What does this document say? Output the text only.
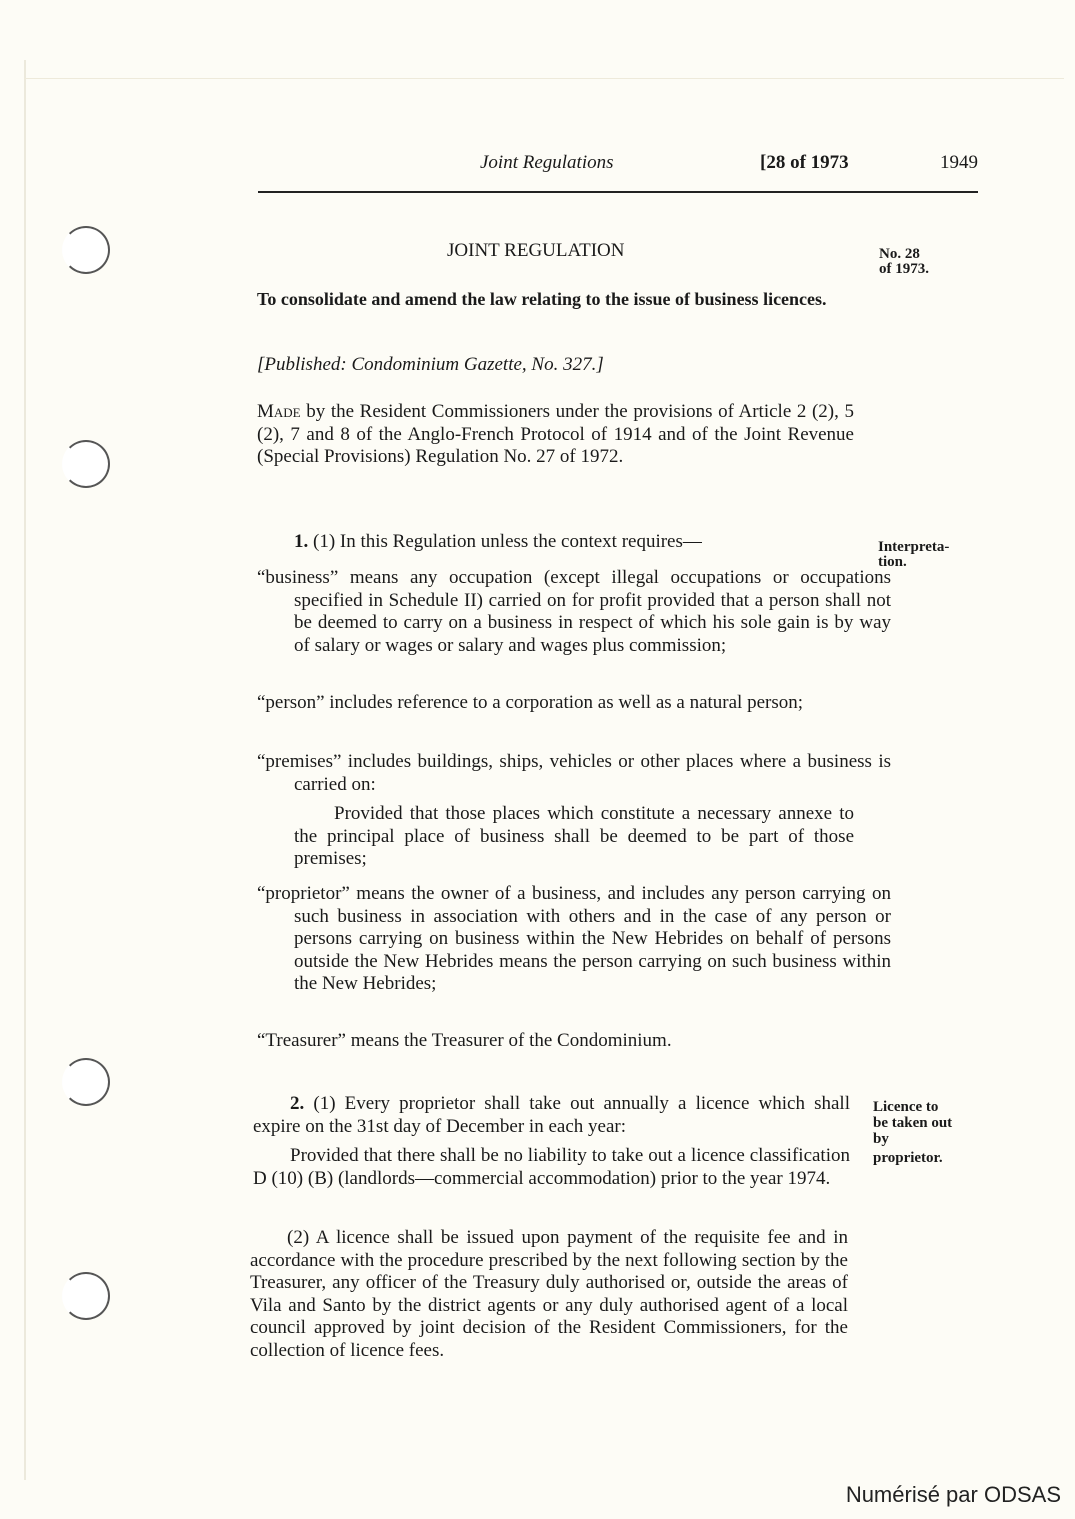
Joint Regulations	[28 of 1973	1949
JOINT REGULATION	No. 28
of 1973.
To consolidate and amend the law relating to the issue of business licences.
[Published: Condominium Gazette, No. 327.]
Made by the Resident Commissioners under the provisions of Article 2 (2), 5 (2), 7 and 8 of the Anglo-French Protocol of 1914 and of the Joint Revenue (Special Provisions) Regulation No. 27 of 1972.
1. (1) In this Regulation unless the context requires—	Interpreta-tion.
“business” means any occupation (except illegal occupations or occupations specified in Schedule II) carried on for profit provided that a person shall not be deemed to carry on a business in respect of which his sole gain is by way of salary or wages or salary and wages plus commission;
“person” includes reference to a corporation as well as a natural person;
“premises” includes buildings, ships, vehicles or other places where a business is carried on:
Provided that those places which constitute a necessary annexe to the principal place of business shall be deemed to be part of those premises;
“proprietor” means the owner of a business, and includes any person carrying on such business in association with others and in the case of any person or persons carrying on business within the New Hebrides on behalf of persons outside the New Hebrides means the person carrying on such business within the New Hebrides;
“Treasurer” means the Treasurer of the Condominium.
2. (1) Every proprietor shall take out annually a licence which shall expire on the 31st day of December in each year:
Provided that there shall be no liability to take out a licence classification D (10) (B) (landlords—commercial accommodation) prior to the year 1974.
(2) A licence shall be issued upon payment of the requisite fee and in accordance with the procedure prescribed by the next following section by the Treasurer, any officer of the Treasury duly authorised or, outside the areas of Vila and Santo by the district agents or any duly authorised agent of a local council approved by joint decision of the Resident Commissioners, for the collection of licence fees.
Licence to
be taken out
by
proprietor.
Numérisé par ODSAS
